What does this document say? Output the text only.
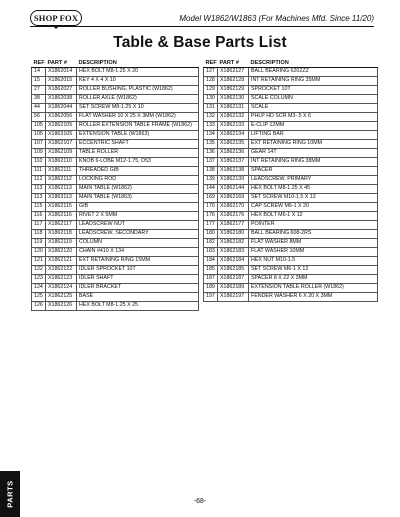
SHOP FOX	Model W1862/W1863 (For Machines Mfd. Since 11/20)
Table & Base Parts List
REF	PART #	DESCRIPTION
14	X1862014	HEX BOLT M8-1.25 X 20
15	X1862015	KEY 4 X 4 X 10
27	X1862027	ROLLER BUSHING, PLASTIC (W1862)
38	X1862038	ROLLER AXLE (W1862)
44	X1862044	SET SCREW M8-1.25 X 10
56	X1862056	FLAT WASHER 10 X 25 X 3MM (W1862)
105	X1862105	ROLLER EXTENSION TABLE FRAME (W1862)
105	X1863105	EXTENSION TABLE (W1863)
107	X1862107	ECCENTRIC SHAFT
109	X1862109	TABLE ROLLER
110	X1862110	KNOB 6-LOBE M12-1.75, D53
111	X1862111	THREADED GIB
112	X1862112	LOCKING ROD
113	X1862113	MAIN TABLE (W1862)
113	X1863113	MAIN TABLE (W1863)
115	X1862115	GIB
116	X1862116	RIVET 2 X 5MM
117	X1862117	LEADSCREW NUT
118	X1862118	LEADSCREW, SECONDARY
119	X1862119	COLUMN
120	X1862120	CHAIN #410 X 134
121	X1862121	EXT RETAINING RING 15MM
122	X1862122	IDLER SPROCKET 10T
123	X1862123	IDLER SHAFT
124	X1862124	IDLER BRACKET
125	X1862125	BASE
126	X1862126	HEX BOLT M8-1.25 X 25
REF	PART #	DESCRIPTION
127	X1862127	BALL BEARING 6202ZZ
128	X1862128	INT RETAINING RING 35MM
129	X1862129	SPROCKET 10T
130	X1862130	SCALE COLUMN
131	X1862131	SCALE
132	X1862132	PHLP HD SCR M3-.5 X 6
133	X1862133	E-CLIP 12MM
134	X1862134	LIFTING BAR
135	X1862135	EXT RETAINING RING 10MM
136	X1862136	GEAR 14T
137	X1862137	INT RETAINING RING 38MM
138	X1862138	SPACER
139	X1862139	LEADSCREW, PRIMARY
144	X1862144	HEX BOLT M8-1.25 X 45
169	X1862169	SET SCREW M10-1.5 X 12
170	X1862170	CAP SCREW M6-1 X 20
176	X1862176	HEX BOLT M6-1 X 12
177	X1862177	POINTER
180	X1862180	BALL BEARING 608-2RS
182	X1862182	FLAT WASHER 8MM
183	X1862183	FLAT WASHER 10MM
184	X1862184	HEX NUT M10-1.5
185	X1862185	SET SCREW M6-1 X 12
187	X1862187	SPACER 8 X 22 X 3MM
189	X1862189	EXTENSION TABLE ROLLER (W1862)
197	X1862197	FENDER WASHER 6 X 20 X 3MM
PARTS	-68-
